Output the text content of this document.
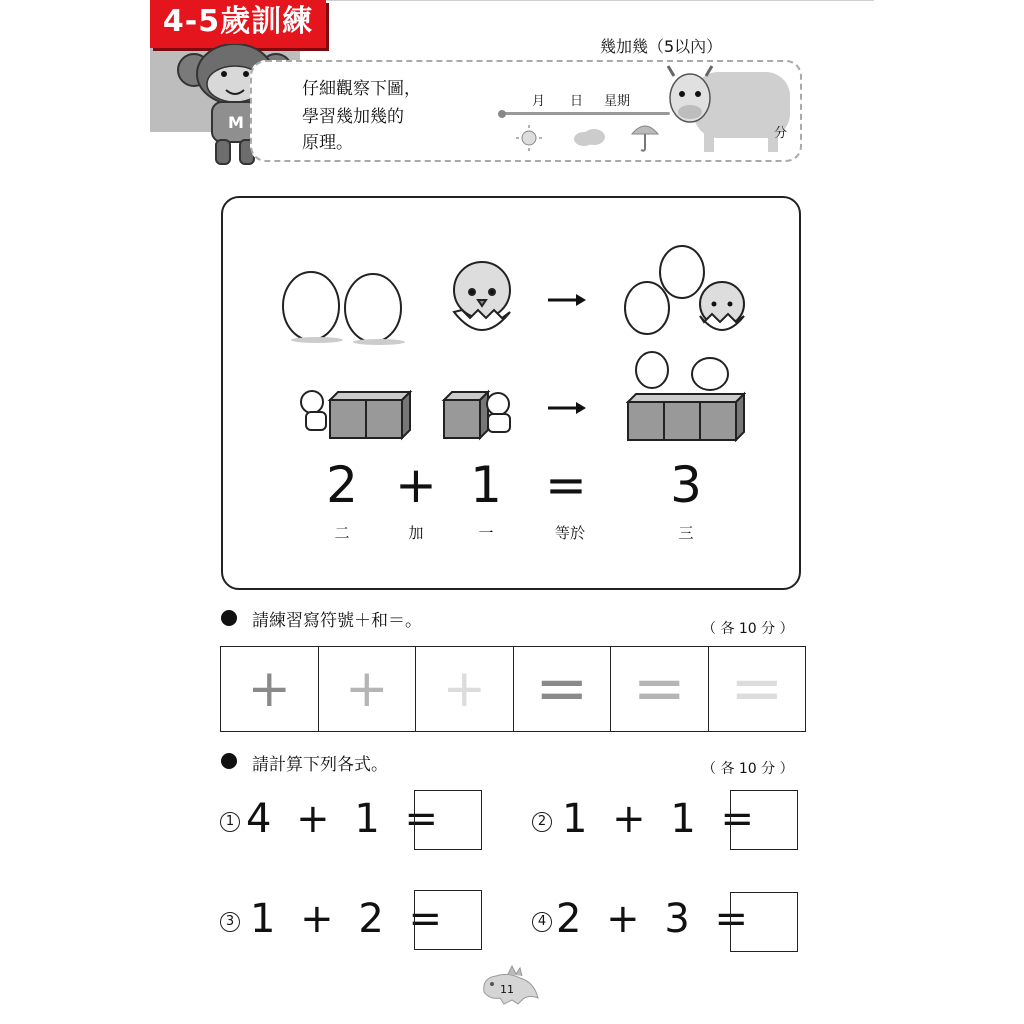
4-5歲訓練
幾加幾（5以內）
M
仔細觀察下圖，
學習幾加幾的
原理。
月 日 星期
分
2 + 1 = 3
二	加	一	等於	三
請練習寫符號＋和＝。	（ 各 10 分 ）
+ + + = = =
請計算下列各式。	（ 各 10 分 ）
1 4 + 1 =	2 1 + 1 =
3 1 + 2 =	4 2 + 3 =
11
